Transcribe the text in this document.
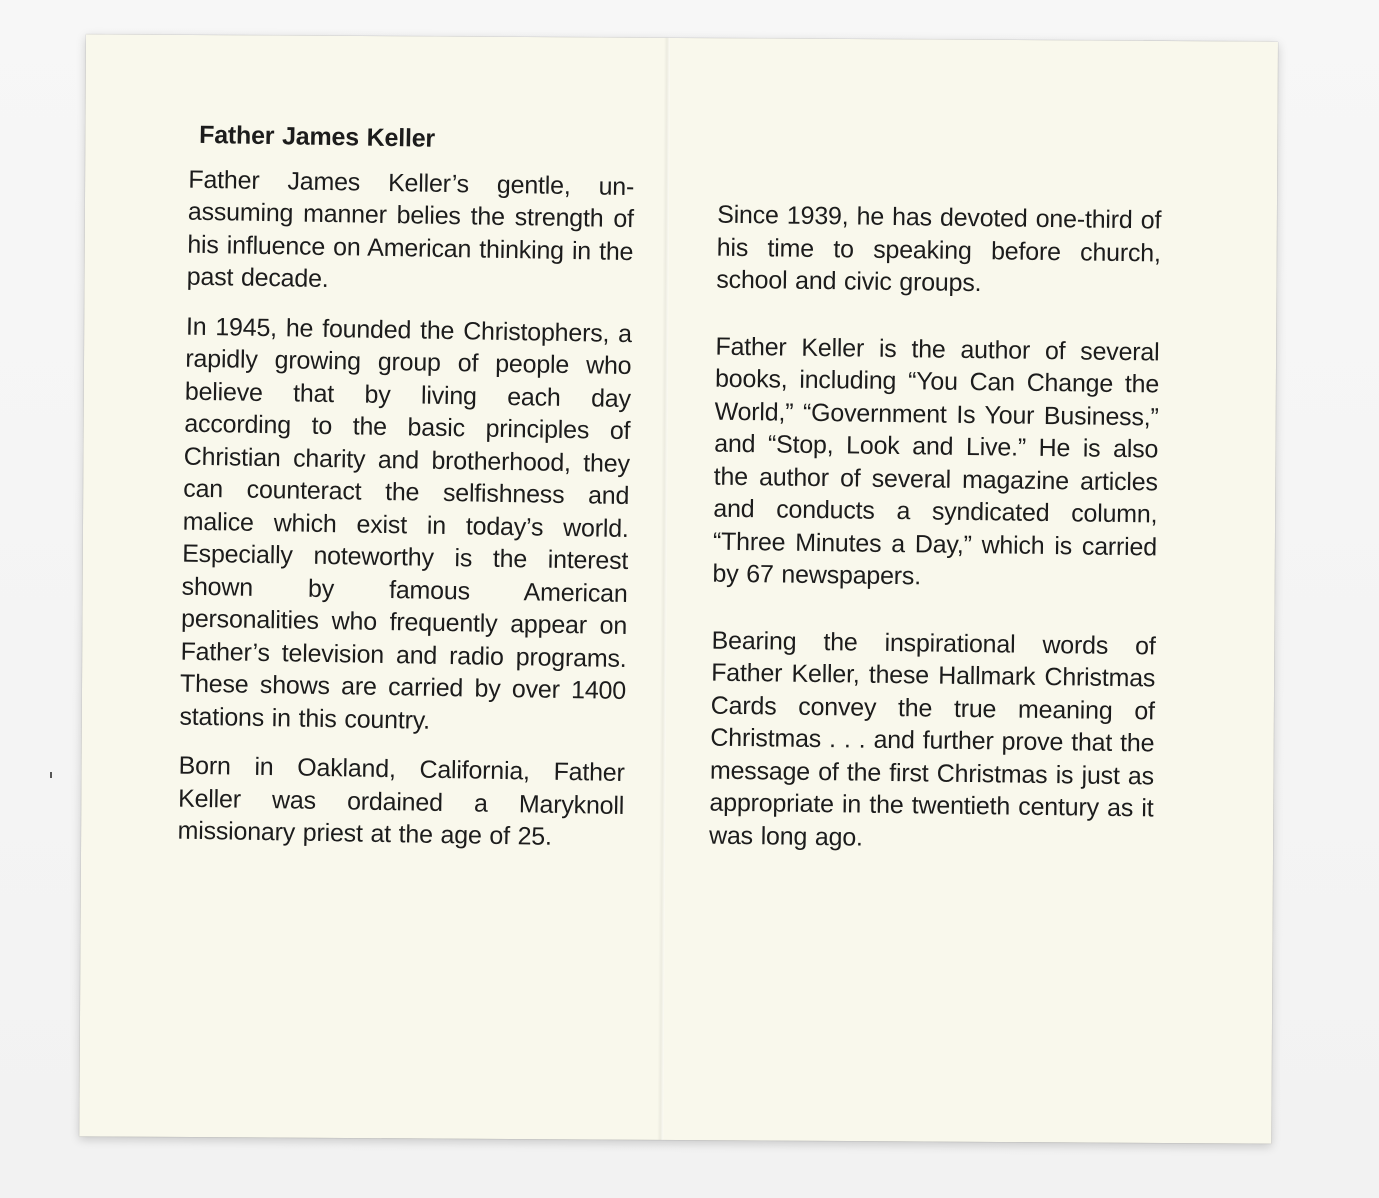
Father James Keller

Father James Keller’s gentle, unassuming manner belies the strength of his influence on American thinking in the past decade.

In 1945, he founded the Christophers, a rapidly growing group of people who believe that by living each day according to the basic principles of Christian charity and brotherhood, they can counteract the selfishness and malice which exist in today’s world. Especially noteworthy is the interest shown by famous American personalities who frequently appear on Father’s television and radio programs. These shows are carried by over 1400 stations in this country.

Born in Oakland, California, Father Keller was ordained a Maryknoll missionary priest at the age of 25.

Since 1939, he has devoted one-third of his time to speaking before church, school and civic groups.

Father Keller is the author of several books, including “You Can Change the World,” “Government Is Your Business,” and “Stop, Look and Live.” He is also the author of several magazine articles and conducts a syndicated column, “Three Minutes a Day,” which is carried by 67 newspapers.

Bearing the inspirational words of Father Keller, these Hallmark Christmas Cards convey the true meaning of Christmas . . . and further prove that the message of the first Christmas is just as appropriate in the twentieth century as it was long ago.
